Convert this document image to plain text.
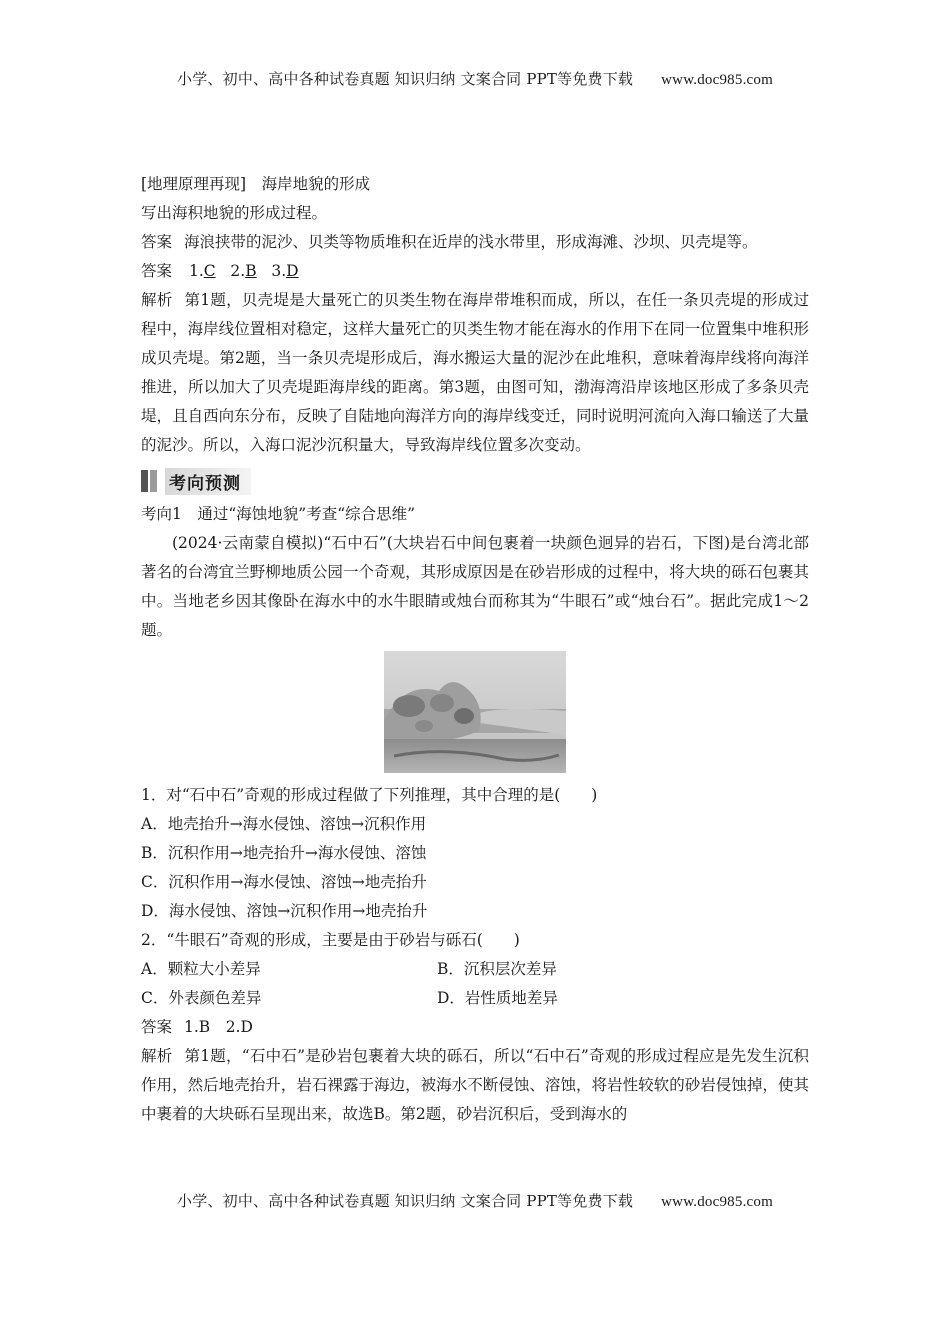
小学、初中、高中各种试卷真题 知识归纳 文案合同 PPT等免费下载 www.doc985.com
[地理原理再现]　海岸地貌的形成
写出海积地貌的形成过程。
答案 海浪挟带的泥沙、贝类等物质堆积在近岸的浅水带里，形成海滩、沙坝、贝壳堤等。
答案 1.C 2.B 3.D
解析 第1题，贝壳堤是大量死亡的贝类生物在海岸带堆积而成，所以，在任一条贝壳堤的形成过程中，海岸线位置相对稳定，这样大量死亡的贝类生物才能在海水的作用下在同一位置集中堆积形成贝壳堤。第2题，当一条贝壳堤形成后，海水搬运大量的泥沙在此堆积，意味着海岸线将向海洋推进，所以加大了贝壳堤距海岸线的距离。第3题，由图可知，渤海湾沿岸该地区形成了多条贝壳堤，且自西向东分布，反映了自陆地向海洋方向的海岸线变迁，同时说明河流向入海口输送了大量的泥沙。所以，入海口泥沙沉积量大，导致海岸线位置多次变动。
考向预测
考向1　通过“海蚀地貌”考查“综合思维”
(2024·云南蒙自模拟)“石中石”(大块岩石中间包裹着一块颜色迥异的岩石，下图)是台湾北部著名的台湾宜兰野柳地质公园一个奇观，其形成原因是在砂岩形成的过程中，将大块的砾石包裹其中。当地老乡因其像卧在海水中的水牛眼睛或烛台而称其为“牛眼石”或“烛台石”。据此完成1～2题。
1．对“石中石”奇观的形成过程做了下列推理，其中合理的是(　　)
A．地壳抬升→海水侵蚀、溶蚀→沉积作用
B．沉积作用→地壳抬升→海水侵蚀、溶蚀
C．沉积作用→海水侵蚀、溶蚀→地壳抬升
D．海水侵蚀、溶蚀→沉积作用→地壳抬升
2．“牛眼石”奇观的形成，主要是由于砂岩与砾石(　　)
A．颗粒大小差异	B．沉积层次差异
C．外表颜色差异	D．岩性质地差异
答案 1.B　2.D
解析 第1题，“石中石”是砂岩包裹着大块的砾石，所以“石中石”奇观的形成过程应是先发生沉积作用，然后地壳抬升，岩石裸露于海边，被海水不断侵蚀、溶蚀，将岩性较软的砂岩侵蚀掉，使其中裹着的大块砾石呈现出来，故选B。第2题，砂岩沉积后，受到海水的
小学、初中、高中各种试卷真题 知识归纳 文案合同 PPT等免费下载 www.doc985.com
